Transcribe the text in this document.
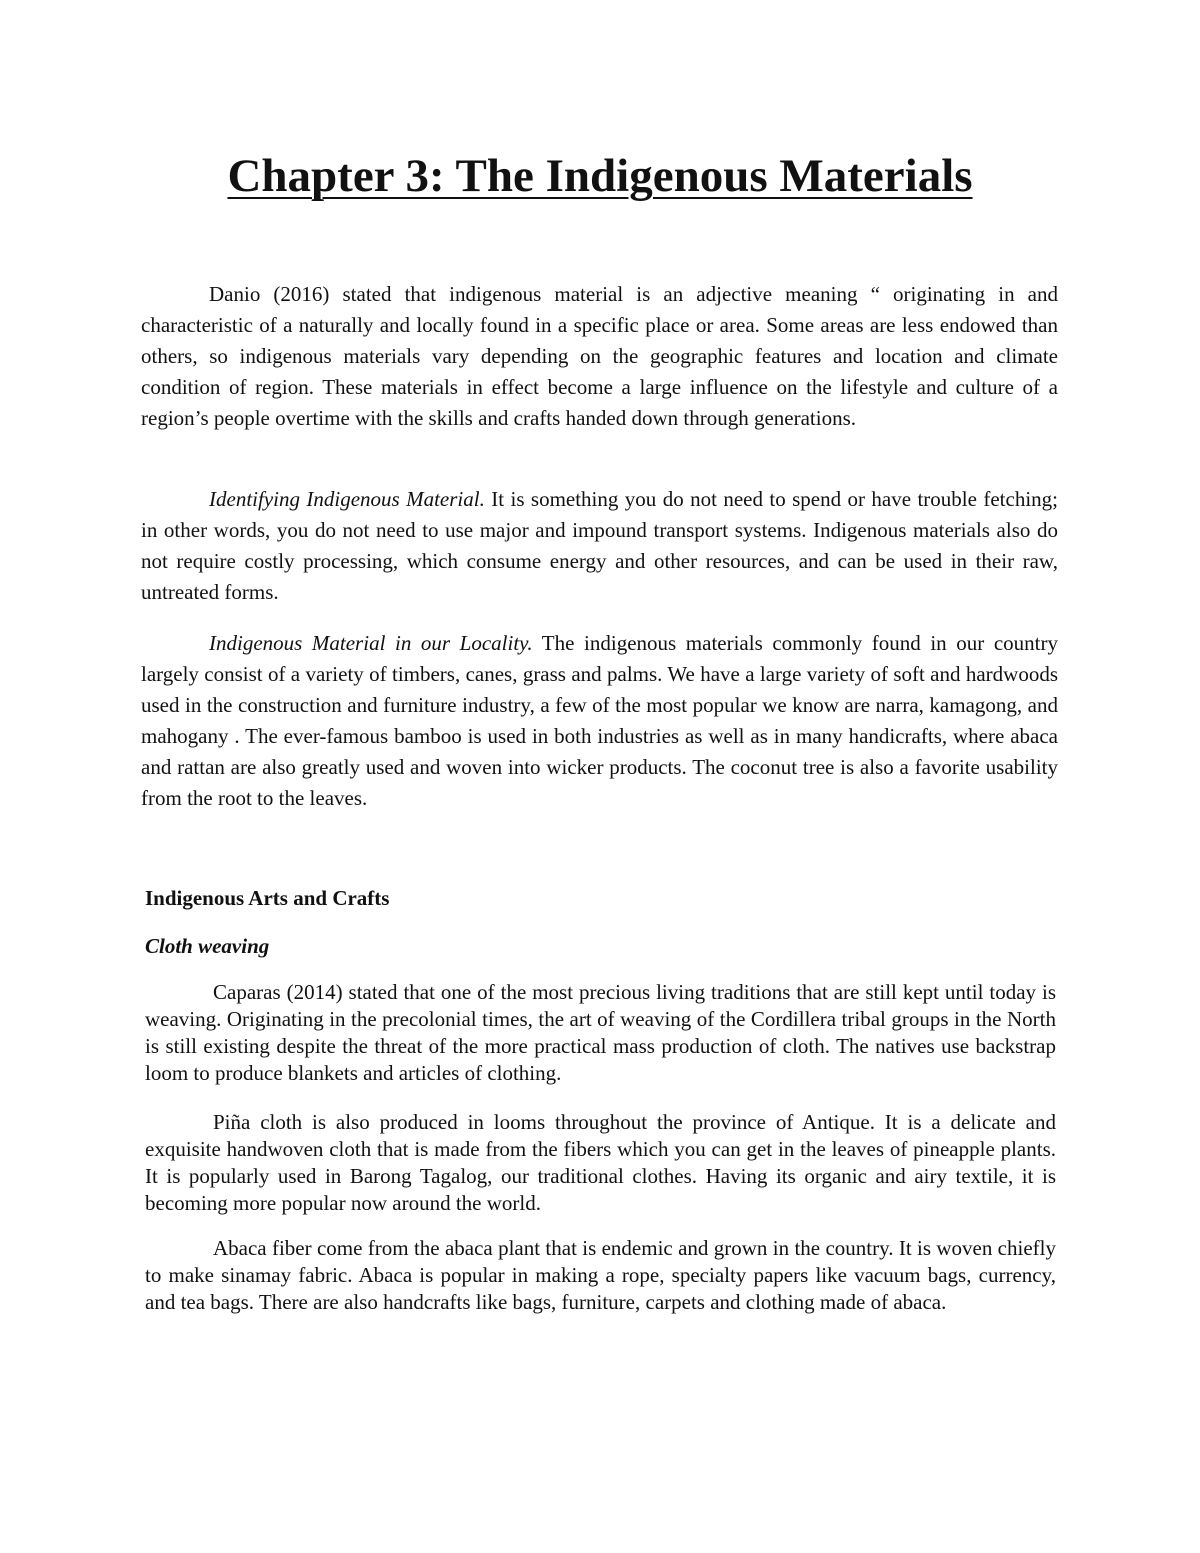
Chapter 3: The Indigenous Materials

Danio (2016) stated that indigenous material is an adjective meaning “ originating in and characteristic of a naturally and locally found in a specific place or area. Some areas are less endowed than others, so indigenous materials vary depending on the geographic features and location and climate condition of region. These materials in effect become a large influence on the lifestyle and culture of a region’s people overtime with the skills and crafts handed down through generations.

Identifying Indigenous Material. It is something you do not need to spend or have trouble fetching; in other words, you do not need to use major and impound transport systems. Indigenous materials also do not require costly processing, which consume energy and other resources, and can be used in their raw, untreated forms.

Indigenous Material in our Locality. The indigenous materials commonly found in our country largely consist of a variety of timbers, canes, grass and palms. We have a large variety of soft and hardwoods used in the construction and furniture industry, a few of the most popular we know are narra, kamagong, and mahogany . The ever-famous bamboo is used in both industries as well as in many handicrafts, where abaca and rattan are also greatly used and woven into wicker products. The coconut tree is also a favorite usability from the root to the leaves.

Indigenous Arts and Crafts
Cloth weaving

Caparas (2014) stated that one of the most precious living traditions that are still kept until today is weaving. Originating in the precolonial times, the art of weaving of the Cordillera tribal groups in the North is still existing despite the threat of the more practical mass production of cloth. The natives use backstrap loom to produce blankets and articles of clothing.

Piña cloth is also produced in looms throughout the province of Antique. It is a delicate and exquisite handwoven cloth that is made from the fibers which you can get in the leaves of pineapple plants. It is popularly used in Barong Tagalog, our traditional clothes. Having its organic and airy textile, it is becoming more popular now around the world.

Abaca fiber come from the abaca plant that is endemic and grown in the country. It is woven chiefly to make sinamay fabric. Abaca is popular in making a rope, specialty papers like vacuum bags, currency, and tea bags. There are also handcrafts like bags, furniture, carpets and clothing made of abaca.
